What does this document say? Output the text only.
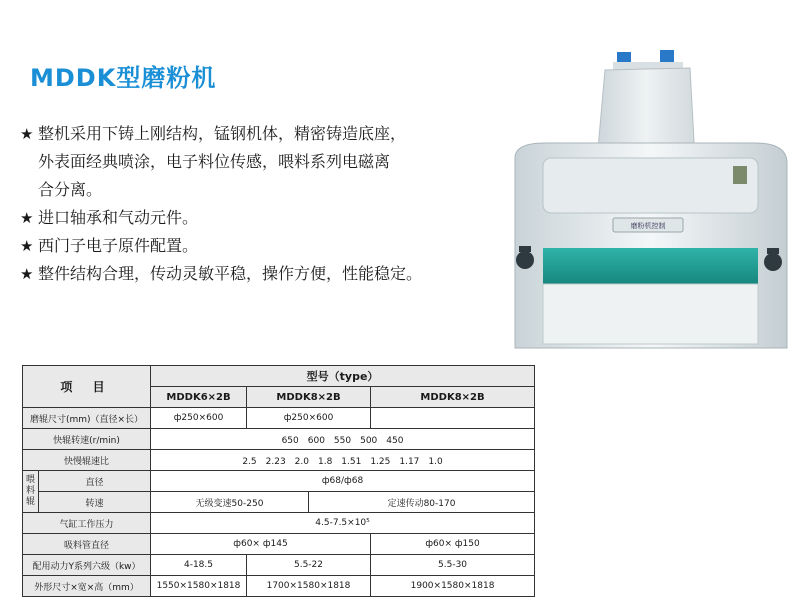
MDDK型磨粉机
★ 整机采用下铸上刚结构，锰钢机体，精密铸造底座，
外表面经典喷涂，电子料位传感，喂料系列电磁离
合分离。
★ 进口轴承和气动元件。
★ 西门子电子原件配置。
★ 整件结构合理，传动灵敏平稳，操作方便，性能稳定。
磨粉机控制
项 目		型号（type）			
		MDDK6×2B	MDDK8×2B		MDDK8×2B
磨辊尺寸(mm)（直径×长）		ф250×600	ф250×600		
快辊转速(r/min)		650　600　550　500　450			
快慢辊速比		2.5　2.23　2.0　1.8　1.51　1.25　1.17　1.0			

喂料辊	直径	ф68/ф68			
	转速	无级变速50-250		定速传动80-170	
气缸工作压力		4.5-7.5×10⁵			
吸料管直径		ф60× ф145			ф60× ф150
配用动力Y系列六级（kw）		4-18.5	5.5-22		5.5-30
外形尺寸×宽×高（mm）		1550×1580×1818	1700×1580×1818		1900×1580×1818
